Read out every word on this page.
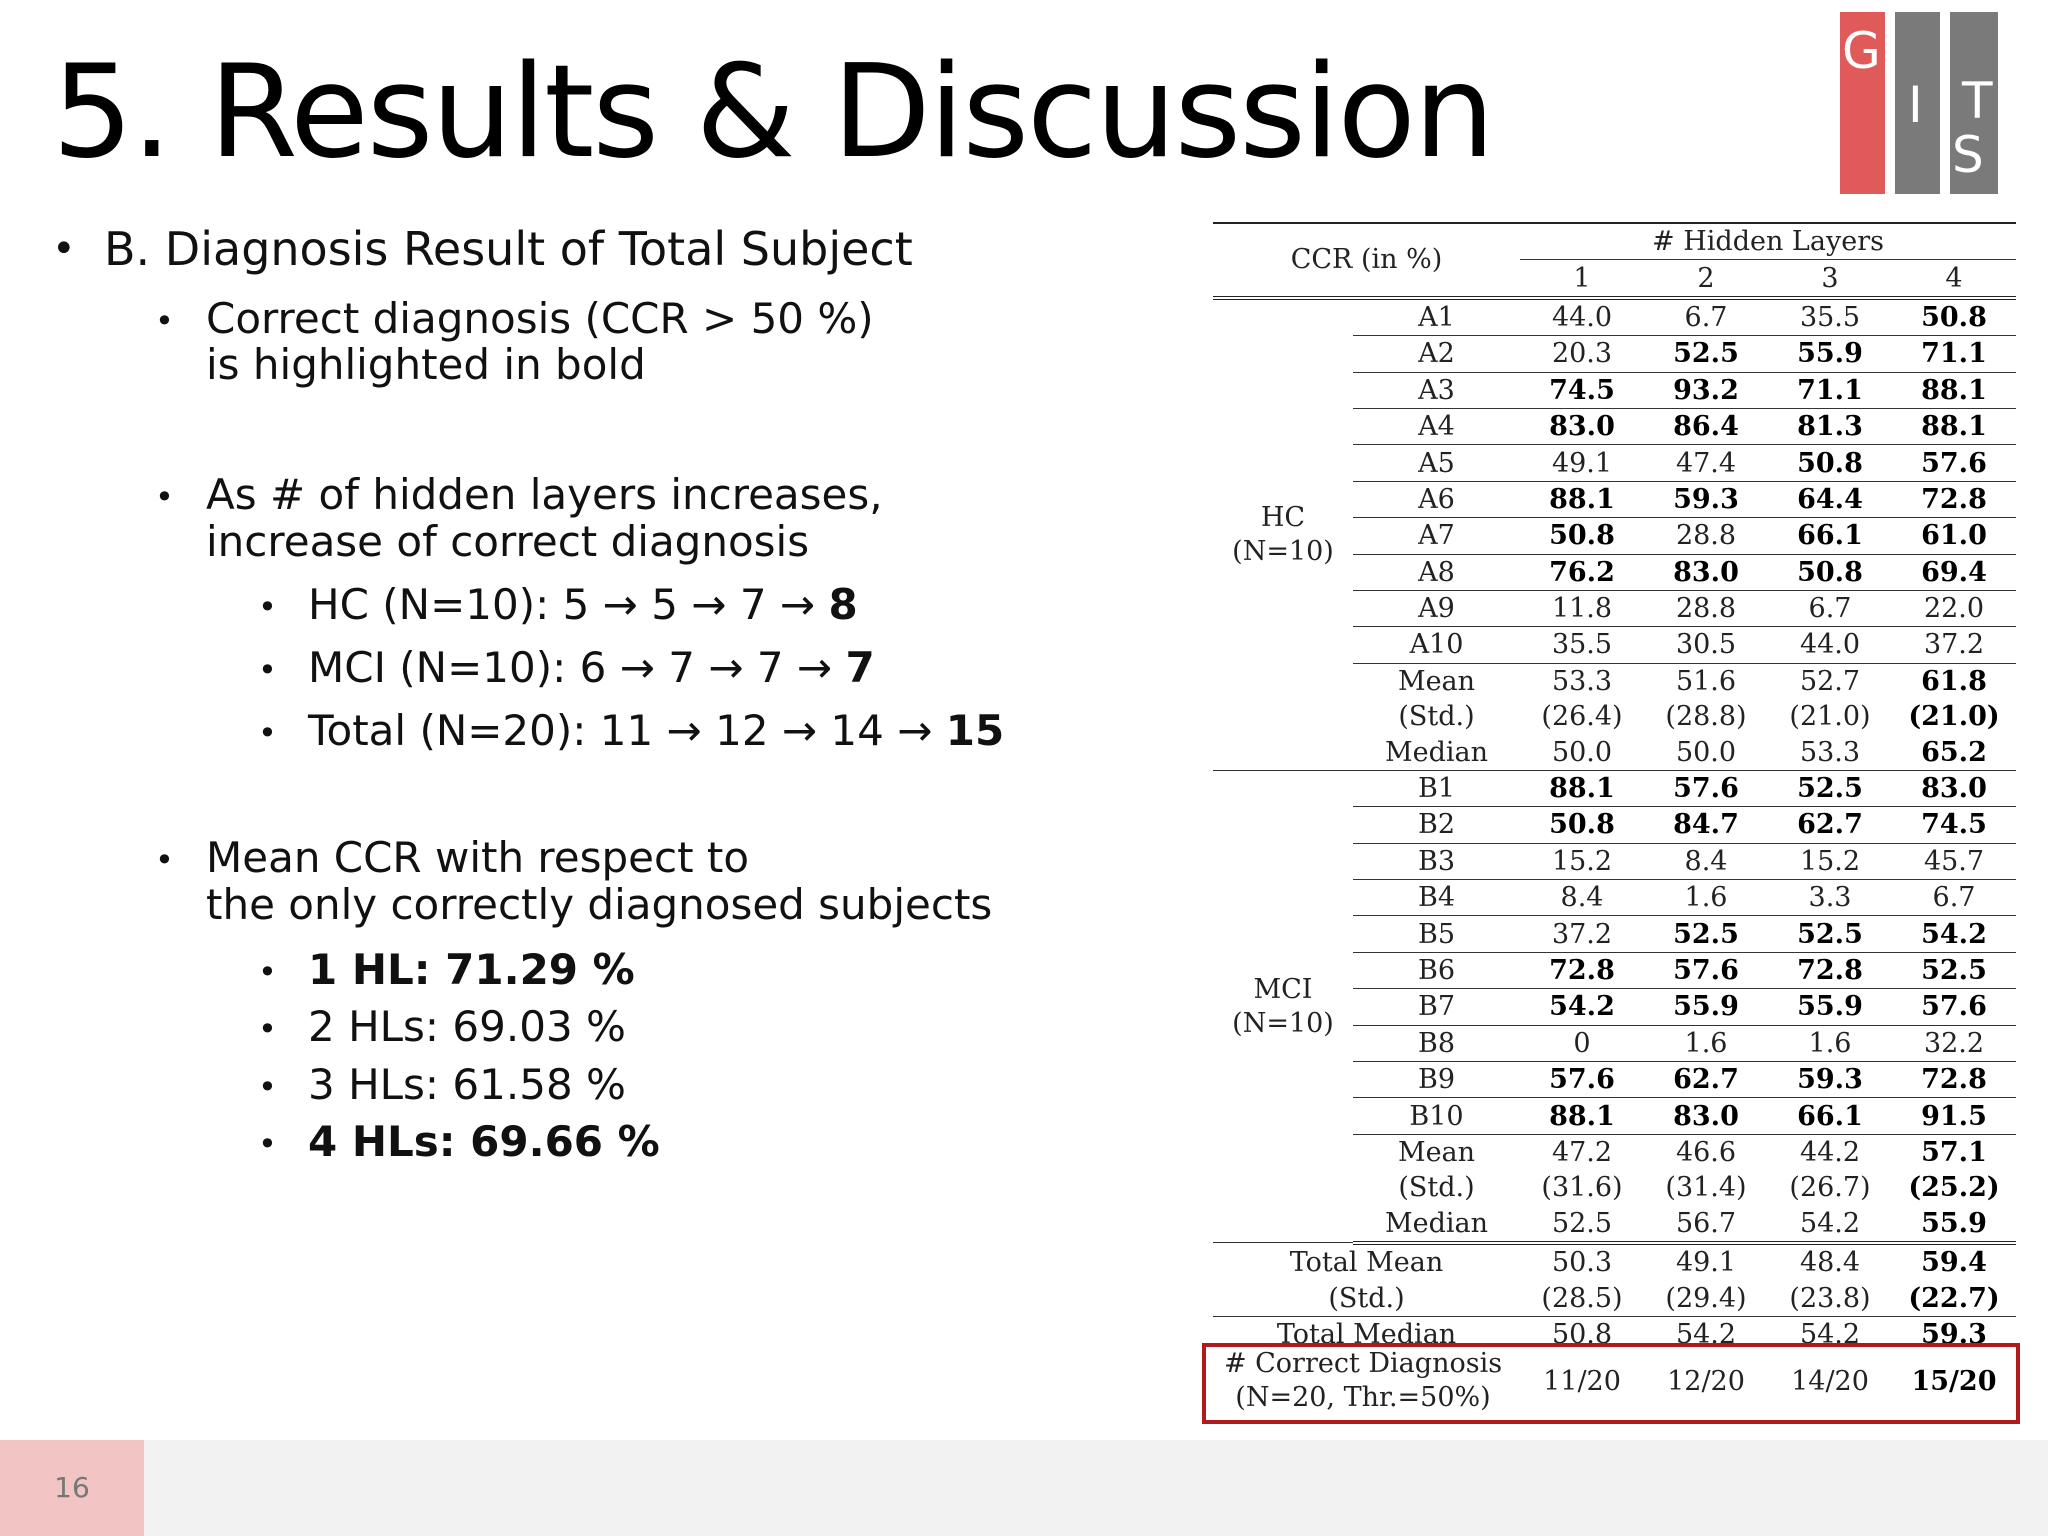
5. Results & Discussion	G
I
S
T
• B. Diagnosis Result of Total Subject
• Correct diagnosis (CCR > 50 %)
is highlighted in bold
• As # of hidden layers increases,
increase of correct diagnosis
• HC (N=10): 5 → 5 → 7 → 8
• MCI (N=10): 6 → 7 → 7 → 7
• Total (N=20): 11 → 12 → 14 → 15
• Mean CCR with respect to
the only correctly diagnosed subjects
• 1 HL: 71.29 %
• 2 HLs: 69.03 %
• 3 HLs: 61.58 %
• 4 HLs: 69.66 %
CCR (in %)		# Hidden Layers			
		1	2	3	4

HC
(N=10)	A1	44.0	6.7	35.5	50.8
	A2	20.3	52.5	55.9	71.1
	A3	74.5	93.2	71.1	88.1
	A4	83.0	86.4	81.3	88.1
	A5	49.1	47.4	50.8	57.6
	A6	88.1	59.3	64.4	72.8
	A7	50.8	28.8	66.1	61.0
	A8	76.2	83.0	50.8	69.4
	A9	11.8	28.8	6.7	22.0
	A10	35.5	30.5	44.0	37.2
	Mean	53.3	51.6	52.7	61.8
	(Std.)	(26.4)	(28.8)	(21.0)	(21.0)
	Median	50.0	50.0	53.3	65.2

MCI
(N=10)	B1	88.1	57.6	52.5	83.0
	B2	50.8	84.7	62.7	74.5
	B3	15.2	8.4	15.2	45.7
	B4	8.4	1.6	3.3	6.7
	B5	37.2	52.5	52.5	54.2
	B6	72.8	57.6	72.8	52.5
	B7	54.2	55.9	55.9	57.6
	B8	0	1.6	1.6	32.2
	B9	57.6	62.7	59.3	72.8
	B10	88.1	83.0	66.1	91.5
	Mean	47.2	46.6	44.2	57.1
	(Std.)	(31.6)	(31.4)	(26.7)	(25.2)
	Median	52.5	56.7	54.2	55.9
Total Mean		50.3	49.1	48.4	59.4
(Std.)		(28.5)	(29.4)	(23.8)	(22.7)
Total Median		50.8	54.2	54.2	59.3
# Correct Diagnosis
(N=20, Thr.=50%)
11/20	12/20	14/20	15/20
16
